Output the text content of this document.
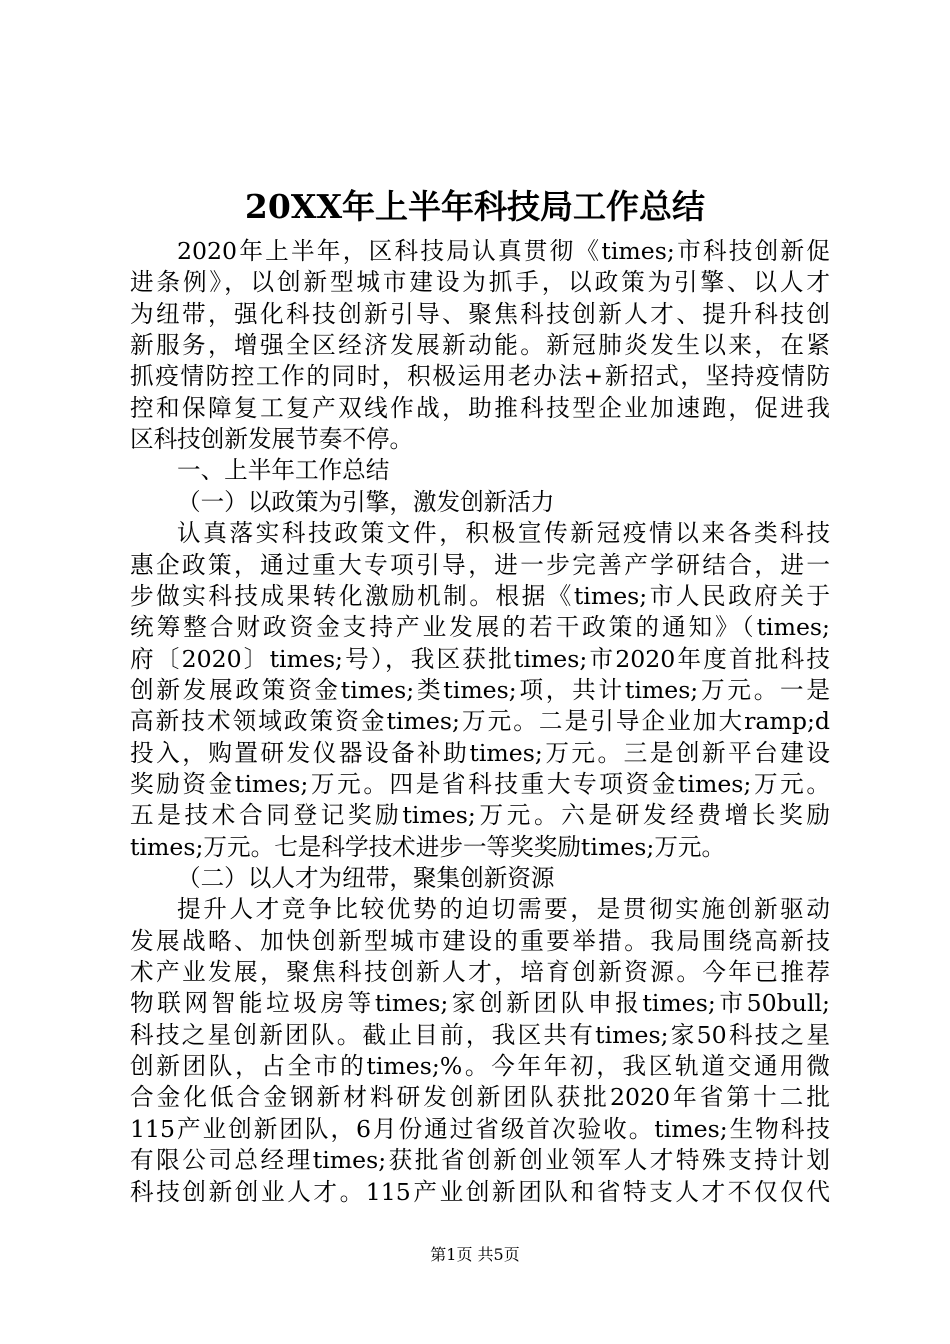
20XX年上半年科技局工作总结
2020年上半年，区科技局认真贯彻《times;市科技创新促
进条例》，以创新型城市建设为抓手，以政策为引擎、以人才
为纽带，强化科技创新引导、聚焦科技创新人才、提升科技创
新服务，增强全区经济发展新动能。新冠肺炎发生以来，在紧
抓疫情防控工作的同时，积极运用老办法+新招式，坚持疫情防
控和保障复工复产双线作战，助推科技型企业加速跑，促进我
区科技创新发展节奏不停。
一、上半年工作总结
（一）以政策为引擎，激发创新活力
认真落实科技政策文件，积极宣传新冠疫情以来各类科技
惠企政策，通过重大专项引导，进一步完善产学研结合，进一
步做实科技成果转化激励机制。根据《times;市人民政府关于
统筹整合财政资金支持产业发展的若干政策的通知》（times;
府〔2020〕times;号），我区获批times;市2020年度首批科技
创新发展政策资金times;类times;项，共计times;万元。一是
高新技术领域政策资金times;万元。二是引导企业加大ramp;d
投入，购置研发仪器设备补助times;万元。三是创新平台建设
奖励资金times;万元。四是省科技重大专项资金times;万元。
五是技术合同登记奖励times;万元。六是研发经费增长奖励
times;万元。七是科学技术进步一等奖奖励times;万元。
（二）以人才为纽带，聚集创新资源
提升人才竞争比较优势的迫切需要，是贯彻实施创新驱动
发展战略、加快创新型城市建设的重要举措。我局围绕高新技
术产业发展，聚焦科技创新人才，培育创新资源。今年已推荐
物联网智能垃圾房等times;家创新团队申报times;市50bull;
科技之星创新团队。截止目前，我区共有times;家50科技之星
创新团队，占全市的times;%。今年年初，我区轨道交通用微
合金化低合金钢新材料研发创新团队获批2020年省第十二批
115产业创新团队，6月份通过省级首次验收。times;生物科技
有限公司总经理times;获批省创新创业领军人才特殊支持计划
科技创新创业人才。115产业创新团队和省特支人才不仅仅代
第1页 共5页
